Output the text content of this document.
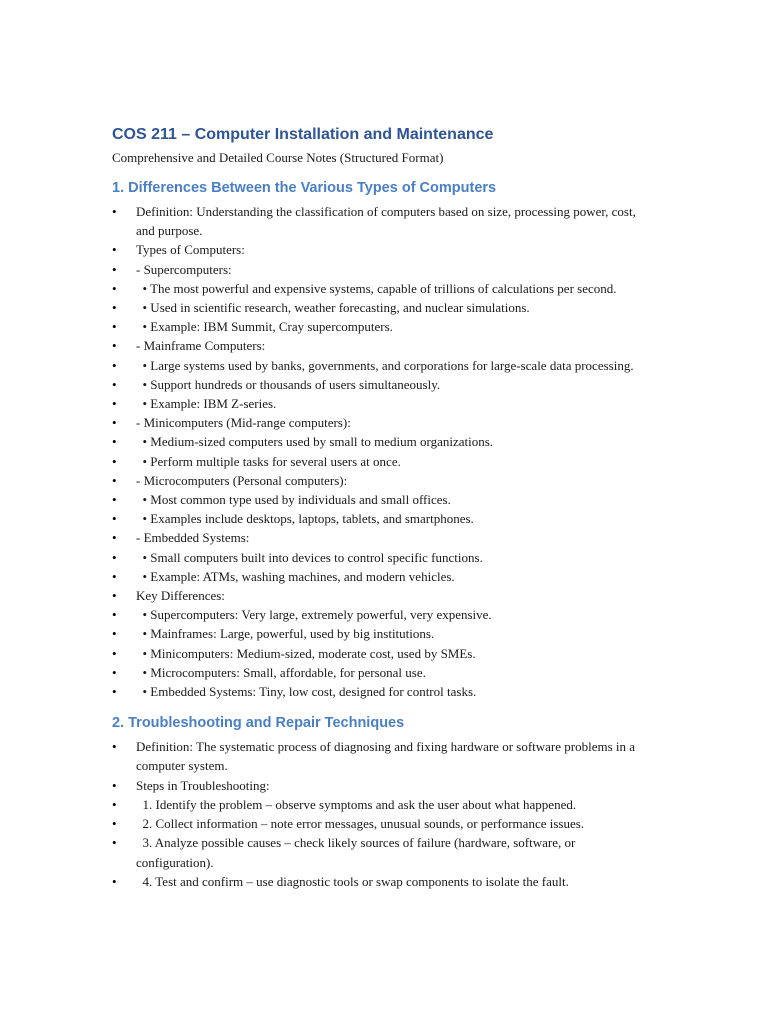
COS 211 – Computer Installation and Maintenance

Comprehensive and Detailed Course Notes (Structured Format)

1. Differences Between the Various Types of Computers
• Definition: Understanding the classification of computers based on size, processing power, cost, and purpose.
• Types of Computers:
• - Supercomputers:
•   • The most powerful and expensive systems, capable of trillions of calculations per second.
•   • Used in scientific research, weather forecasting, and nuclear simulations.
•   • Example: IBM Summit, Cray supercomputers.
• - Mainframe Computers:
•   • Large systems used by banks, governments, and corporations for large-scale data processing.
•   • Support hundreds or thousands of users simultaneously.
•   • Example: IBM Z-series.
• - Minicomputers (Mid-range computers):
•   • Medium-sized computers used by small to medium organizations.
•   • Perform multiple tasks for several users at once.
• - Microcomputers (Personal computers):
•   • Most common type used by individuals and small offices.
•   • Examples include desktops, laptops, tablets, and smartphones.
• - Embedded Systems:
•   • Small computers built into devices to control specific functions.
•   • Example: ATMs, washing machines, and modern vehicles.
• Key Differences:
•   • Supercomputers: Very large, extremely powerful, very expensive.
•   • Mainframes: Large, powerful, used by big institutions.
•   • Minicomputers: Medium-sized, moderate cost, used by SMEs.
•   • Microcomputers: Small, affordable, for personal use.
•   • Embedded Systems: Tiny, low cost, designed for control tasks.
2. Troubleshooting and Repair Techniques
• Definition: The systematic process of diagnosing and fixing hardware or software problems in a computer system.
• Steps in Troubleshooting:
•   1. Identify the problem – observe symptoms and ask the user about what happened.
•   2. Collect information – note error messages, unusual sounds, or performance issues.
•   3. Analyze possible causes – check likely sources of failure (hardware, software, or configuration).
•   4. Test and confirm – use diagnostic tools or swap components to isolate the fault.
